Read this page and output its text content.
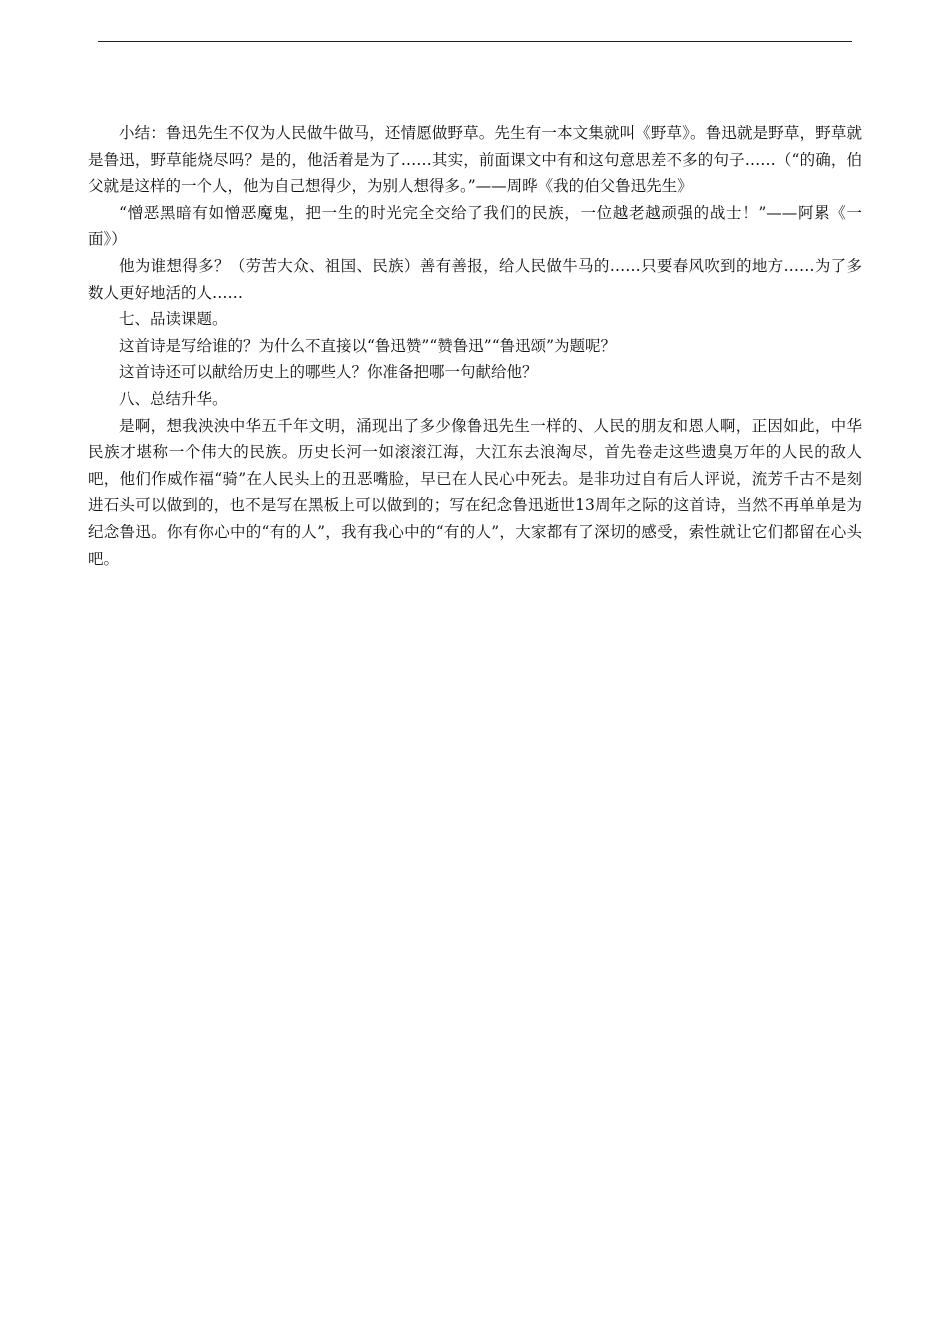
小结：鲁迅先生不仅为人民做牛做马，还情愿做野草。先生有一本文集就叫《野草》。鲁迅就是野草，野草就是鲁迅，野草能烧尽吗？是的，他活着是为了……其实，前面课文中有和这句意思差不多的句子……（“的确，伯父就是这样的一个人，他为自己想得少，为别人想得多。”——周晔《我的伯父鲁迅先生》

“憎恶黑暗有如憎恶魔鬼，把一生的时光完全交给了我们的民族，一位越老越顽强的战士！”——阿累《一面》）

他为谁想得多？（劳苦大众、祖国、民族）善有善报，给人民做牛马的……只要春风吹到的地方……为了多数人更好地活的人……

七、品读课题。

这首诗是写给谁的？为什么不直接以“鲁迅赞”“赞鲁迅”“鲁迅颂”为题呢？

这首诗还可以献给历史上的哪些人？你准备把哪一句献给他？

八、总结升华。

是啊，想我泱泱中华五千年文明，涌现出了多少像鲁迅先生一样的、人民的朋友和恩人啊，正因如此，中华民族才堪称一个伟大的民族。历史长河一如滚滚江海，大江东去浪淘尽，首先卷走这些遗臭万年的人民的敌人吧，他们作威作福“骑”在人民头上的丑恶嘴脸，早已在人民心中死去。是非功过自有后人评说，流芳千古不是刻进石头可以做到的，也不是写在黑板上可以做到的；写在纪念鲁迅逝世13周年之际的这首诗，当然不再单单是为纪念鲁迅。你有你心中的“有的人”，我有我心中的“有的人”，大家都有了深切的感受，索性就让它们都留在心头吧。
